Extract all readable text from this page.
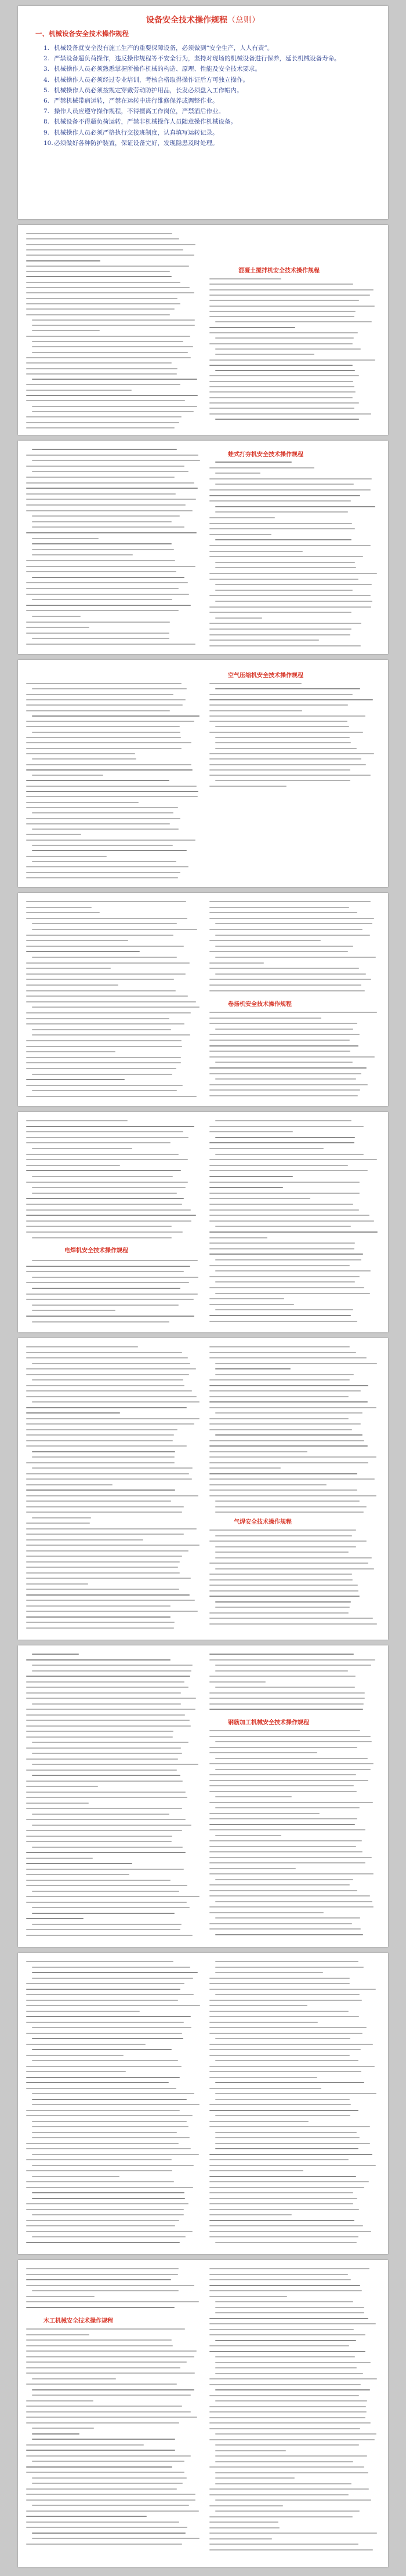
设备安全技术操作规程（总则）
一、机械设备安全技术操作规程
1. 机械设备就安全没有施工生产的重要保障设备，必须做到“安全生产，人人有责”。
2. 严禁设备超负荷操作，违反操作规程等不安全行为，坚持对现场的机械设备进行保养，延长机械设备寿命。
3. 机械操作人员必须熟悉掌握所操作机械的构造、原理、性能及安全技术要求。
4. 机械操作人员必须经过专业培训，考核合格取得操作证后方可独立操作。
5. 机械操作人员必须按规定穿戴劳动防护用品，长发必须盘入工作帽内。
6. 严禁机械带病运转，严禁在运转中进行维修保养或调整作业。
7. 操作人员应遵守操作规程，不得擅离工作岗位，严禁酒后作业。
8. 机械设备不得超负荷运转，严禁非机械操作人员随意操作机械设备。
9. 机械操作人员必须严格执行交接班制度，认真填写运转记录。
10. 必须做好各种防护装置，保证设备完好，发现隐患及时处理。
混凝土搅拌机安全技术操作规程
蛙式打夯机安全技术操作规程
空气压缩机安全技术操作规程
卷扬机安全技术操作规程
电焊机安全技术操作规程
气焊安全技术操作规程
钢筋加工机械安全技术操作规程
木工机械安全技术操作规程
